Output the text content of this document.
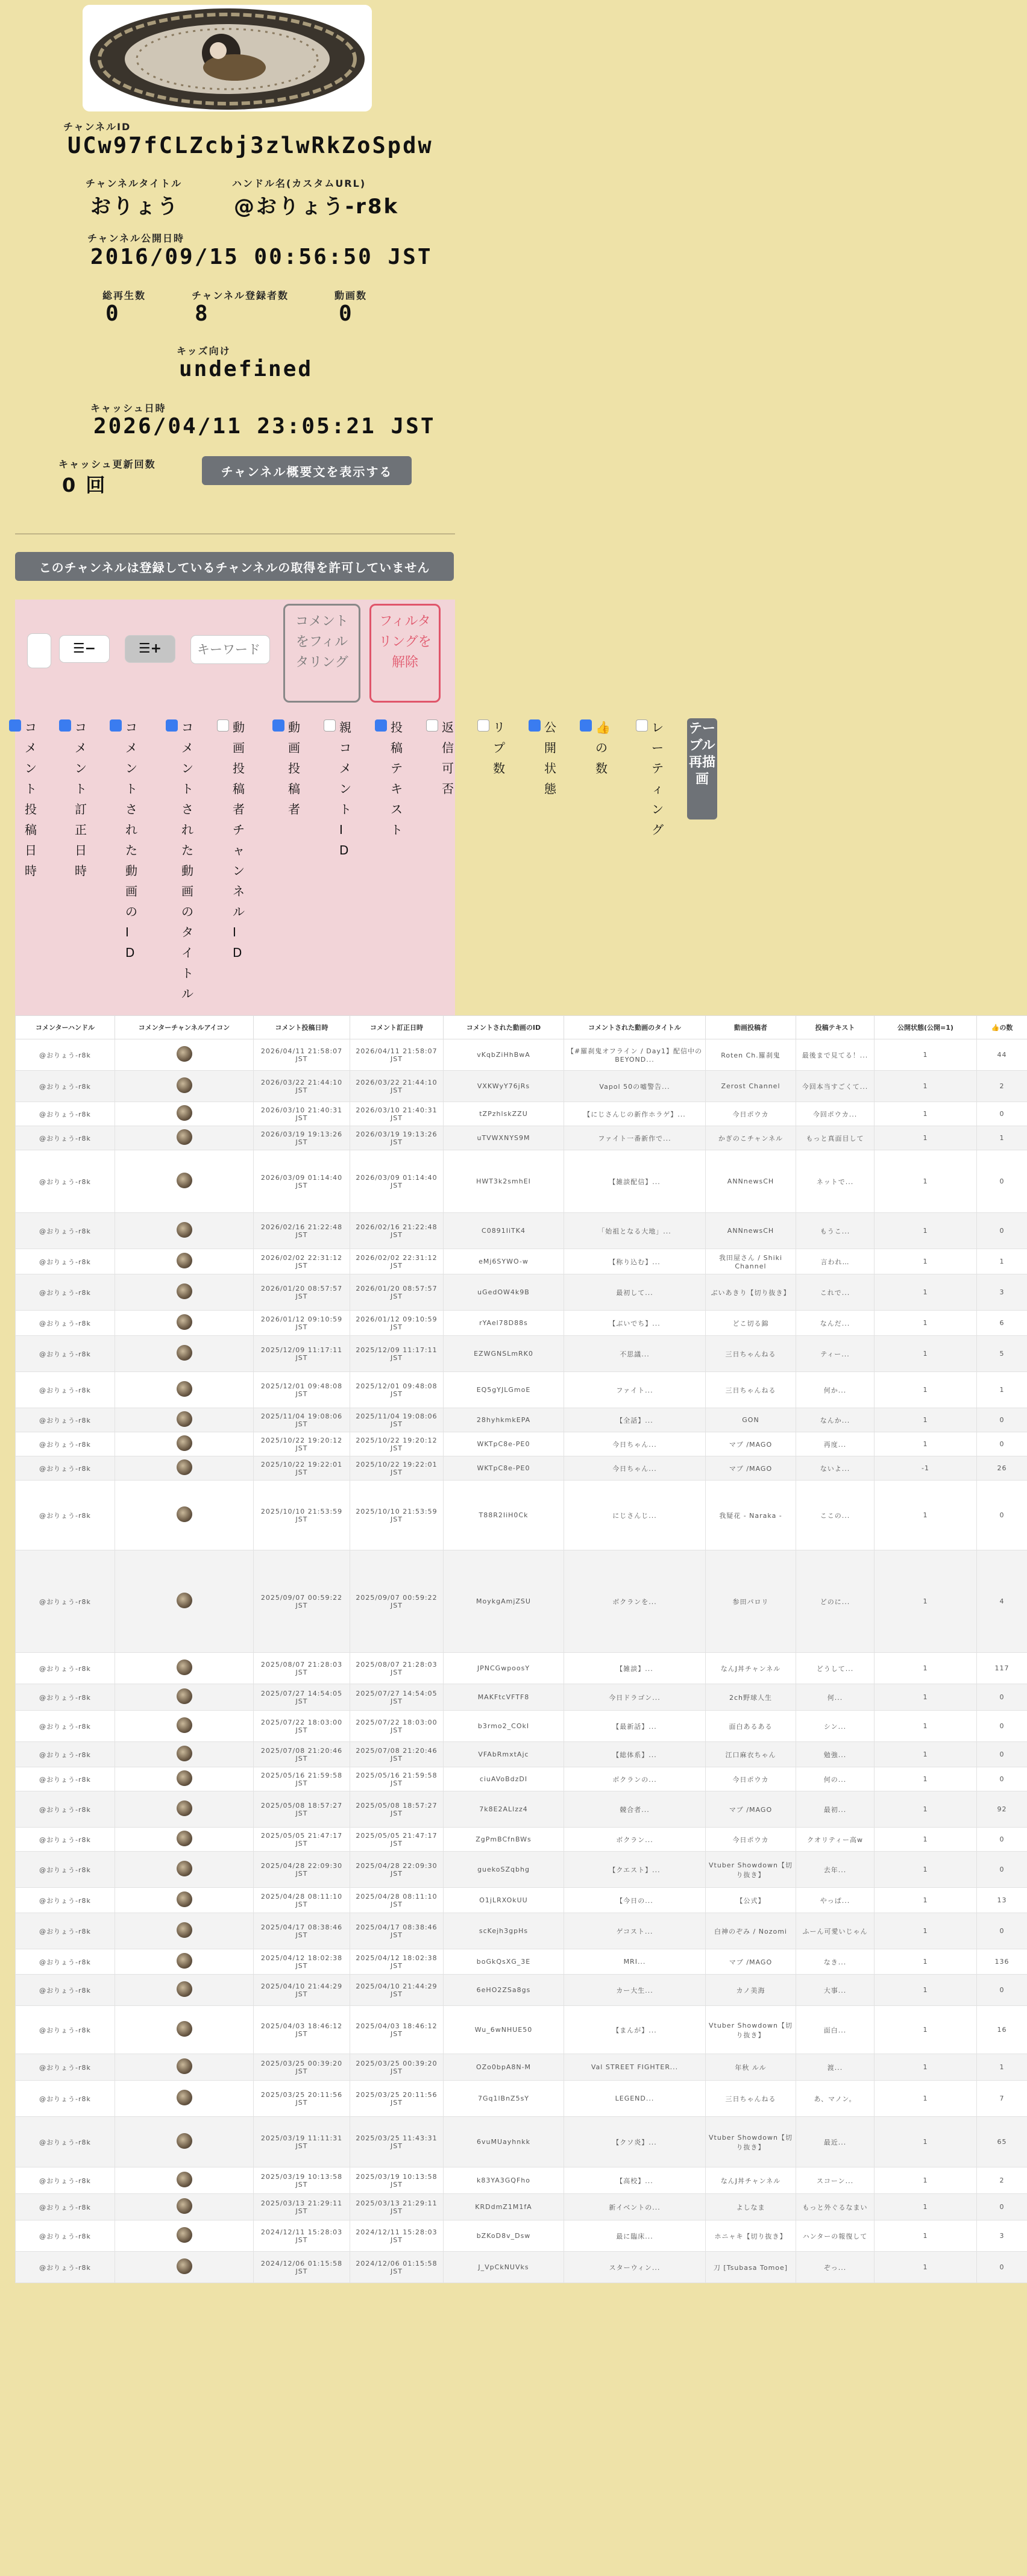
チャンネルID
UCw97fCLZcbj3zlwRkZoSpdw
チャンネルタイトル
おりょう
ハンドル名(カスタムURL)
@おりょう-r8k
チャンネル公開日時
2016/09/15 00:56:50 JST
総再生数
0
チャンネル登録者数
8
動画数
0
キッズ向け
undefined
キャッシュ日時
2026/04/11 23:05:21 JST
キャッシュ更新回数
0 回
チャンネル概要文を表示する
このチャンネルは登録しているチャンネルの取得を許可していません
☰−	☰+
キーワード
コメントをフィルタリング
フィルタリングを解除
コメント投稿日時
コメント訂正日時
コメントされた動画のID
コメントされた動画のタイトル
動画投稿者チャンネルID
動画投稿者
親コメントID
投稿テキスト
返信可否
リプ数
公開状態
👍の数
レーティング
テーブル再描画
コメンターハンドル	コメンターチャンネルアイコン	コメント投稿日時	コメント訂正日時	コメントされた動画のID	コメントされた動画のタイトル	動画投稿者	投稿テキスト	公開状態(公開=1)	👍の数
@おりょう-r8k		2026/04/11 21:58:07 JST	2026/04/11 21:58:07 JST	vKqbZiHhBwA	【#羅刹鬼オフライン / Day1】配信中のBEYOND...	Roten Ch.羅刹鬼	最後まで見てる！...	1	44
@おりょう-r8k		2026/03/22 21:44:10 JST	2026/03/22 21:44:10 JST	VXKWyY76jRs	Vapol 50の嘘警告...	Zerost Channel	今回本当すごくて...	1	2
@おりょう-r8k		2026/03/10 21:40:31 JST	2026/03/10 21:40:31 JST	tZPzhlskZZU	【にじさんじの新作ホラゲ】...	今日ポウカ	今回ポウカ...	1	0
@おりょう-r8k		2026/03/19 19:13:26 JST	2026/03/19 19:13:26 JST	uTVWXNYS9M	ファイト一番新作で...	かぎのこチャンネル	もっと真面目して	1	1
@おりょう-r8k		2026/03/09 01:14:40 JST	2026/03/09 01:14:40 JST	HWT3k2smhEI	【雑談配信】...	ANNnewsCH	ネットで...	1	0
@おりょう-r8k		2026/02/16 21:22:48 JST	2026/02/16 21:22:48 JST	C0891IiTK4	「始祖となる大地」...	ANNnewsCH	もうこ...	1	0
@おりょう-r8k		2026/02/02 22:31:12 JST	2026/02/02 22:31:12 JST	eMj6SYWO-w	【称り込む】...	我田屋さん / Shiki Channel	言われ…	1	1
@おりょう-r8k		2026/01/20 08:57:57 JST	2026/01/20 08:57:57 JST	uGedOW4k9B	最初して...	ぶいあきり【切り抜き】	これで...	1	3
@おりょう-r8k		2026/01/12 09:10:59 JST	2026/01/12 09:10:59 JST	rYAel78D88s	【ぶいでち】...	どこ切る錦	なんだ...	1	6
@おりょう-r8k		2025/12/09 11:17:11 JST	2025/12/09 11:17:11 JST	EZWGNSLmRK0	不思議...	三日ちゃんねる	ティー...	1	5
@おりょう-r8k		2025/12/01 09:48:08 JST	2025/12/01 09:48:08 JST	EQ5gYJLGmoE	ファイト...	三日ちゃんねる	何か...	1	1
@おりょう-r8k		2025/11/04 19:08:06 JST	2025/11/04 19:08:06 JST	28hyhkmkEPA	【全話】...	GON	なんか...	1	0
@おりょう-r8k		2025/10/22 19:20:12 JST	2025/10/22 19:20:12 JST	WKTpC8e-PE0	今日ちゃん...	マブ /MAGO	再度...	1	0
@おりょう-r8k		2025/10/22 19:22:01 JST	2025/10/22 19:22:01 JST	WKTpC8e-PE0	今日ちゃん...	マブ /MAGO	ないよ...	-1	26
@おりょう-r8k		2025/10/10 21:53:59 JST	2025/10/10 21:53:59 JST	T88R2IiH0Ck	にじさんじ...	我疑花 - Naraka -	ここの...	1	0
@おりょう-r8k		2025/09/07 00:59:22 JST	2025/09/07 00:59:22 JST	MoykgAmjZSU	ボクランを...	参田パロリ	どのに...	1	4
@おりょう-r8k		2025/08/07 21:28:03 JST	2025/08/07 21:28:03 JST	JPNCGwpoosY	【雑談】...	なんJ丼チャンネル	どうして...	1	117
@おりょう-r8k		2025/07/27 14:54:05 JST	2025/07/27 14:54:05 JST	MAKFtcVFTF8	今日ドラゴン...	2ch野球人生	何...	1	0
@おりょう-r8k		2025/07/22 18:03:00 JST	2025/07/22 18:03:00 JST	b3rmo2_COkI	【最新話】...	面白あるある	シン...	1	0
@おりょう-r8k		2025/07/08 21:20:46 JST	2025/07/08 21:20:46 JST	VFAbRmxtAjc	【総体系】...	江口麻衣ちゃん	勉強...	1	0
@おりょう-r8k		2025/05/16 21:59:58 JST	2025/05/16 21:59:58 JST	ciuAVoBdzDI	ボクランの...	今日ポウカ	何の...	1	0
@おりょう-r8k		2025/05/08 18:57:27 JST	2025/05/08 18:57:27 JST	7k8E2ALlzz4	競合者...	マブ /MAGO	最初...	1	92
@おりょう-r8k		2025/05/05 21:47:17 JST	2025/05/05 21:47:17 JST	ZgPmBCfnBWs	ボクラン...	今日ポウカ	クオリティー高w	1	0
@おりょう-r8k		2025/04/28 22:09:30 JST	2025/04/28 22:09:30 JST	guekoSZqbhg	【クエスト】...	Vtuber Showdown【切り抜き】	去年...	1	0
@おりょう-r8k		2025/04/28 08:11:10 JST	2025/04/28 08:11:10 JST	O1jLRXOkUU	【今日の...	【公式】	やっぱ...	1	13
@おりょう-r8k		2025/04/17 08:38:46 JST	2025/04/17 08:38:46 JST	scKejh3gpHs	ゲコスト...	白神のぞみ / Nozomi	ふーん可愛いじゃん	1	0
@おりょう-r8k		2025/04/12 18:02:38 JST	2025/04/12 18:02:38 JST	boGkQsXG_3E	MRI...	マブ /MAGO	なき...	1	136
@おりょう-r8k		2025/04/10 21:44:29 JST	2025/04/10 21:44:29 JST	6eHO2ZSa8gs	カー大生...	カノ美海	大事...	1	0
@おりょう-r8k		2025/04/03 18:46:12 JST	2025/04/03 18:46:12 JST	Wu_6wNHUE50	【まんが】...	Vtuber Showdown【切り抜き】	面白...	1	16
@おりょう-r8k		2025/03/25 00:39:20 JST	2025/03/25 00:39:20 JST	OZo0bpA8N-M	Val STREET FIGHTER...	年秋 ルル	渡...	1	1
@おりょう-r8k		2025/03/25 20:11:56 JST	2025/03/25 20:11:56 JST	7Gq1lBnZ5sY	LEGEND...	三日ちゃんねる	あ、マノン。	1	7
@おりょう-r8k		2025/03/19 11:11:31 JST	2025/03/25 11:43:31 JST	6vuMUayhnkk	【クソ炎】...	Vtuber Showdown【切り抜き】	最近...	1	65
@おりょう-r8k		2025/03/19 10:13:58 JST	2025/03/19 10:13:58 JST	k83YA3GQFho	【高校】...	なんJ丼チャンネル	スコーン...	1	2
@おりょう-r8k		2025/03/13 21:29:11 JST	2025/03/13 21:29:11 JST	KRDdmZ1M1fA	新イベントの...	よしなま	もっと外ぐるなまい	1	0
@おりょう-r8k		2024/12/11 15:28:03 JST	2024/12/11 15:28:03 JST	bZKoD8v_Dsw	最に臨床...	ホニャキ【切り抜き】	ハンターの報復して	1	3
@おりょう-r8k		2024/12/06 01:15:58 JST	2024/12/06 01:15:58 JST	J_VpCkNUVks	スターウィン...	刀 [Tsubasa Tomoe]	ぞっ...	1	0
